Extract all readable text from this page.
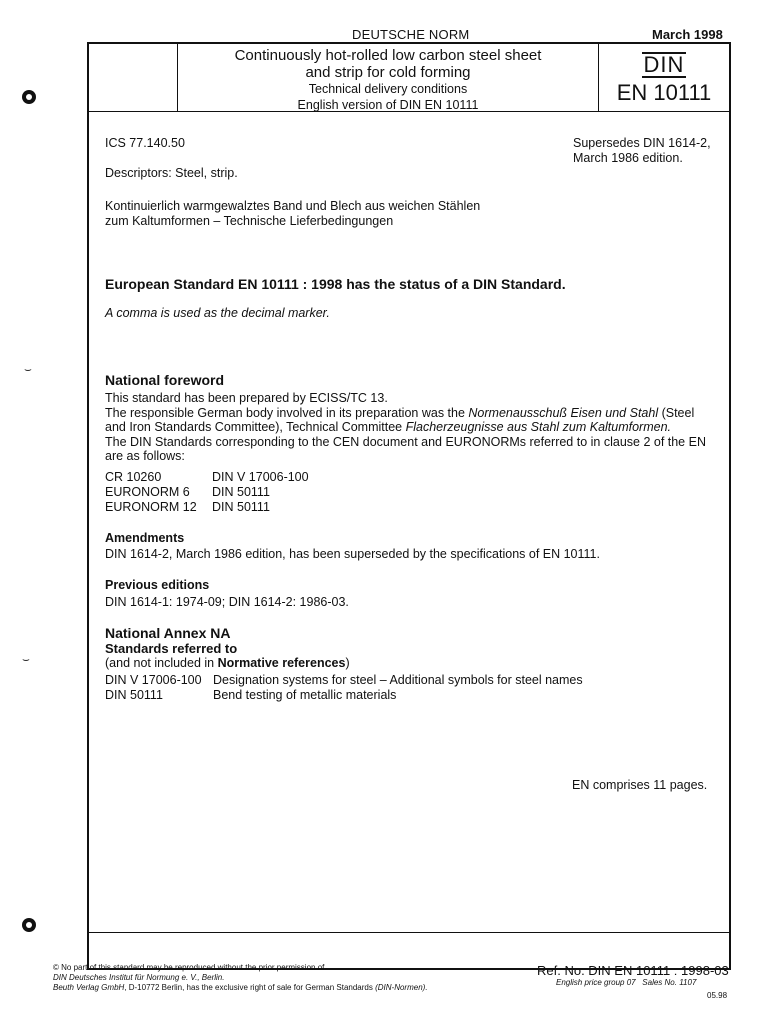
DEUTSCHE NORM	March 1998
Continuously hot-rolled low carbon steel sheet
and strip for cold forming
Technical delivery conditions
English version of DIN EN 10111
DIN
EN 10111
ICS 77.140.50	Supersedes DIN 1614-2,
March 1986 edition.
Descriptors: Steel, strip.
Kontinuierlich warmgewalztes Band und Blech aus weichen Stählen
zum Kaltumformen – Technische Lieferbedingungen
European Standard EN 10111 : 1998 has the status of a DIN Standard.
A comma is used as the decimal marker.
National foreword
This standard has been prepared by ECISS/TC 13.
The responsible German body involved in its preparation was the Normenausschuß Eisen und Stahl (Steel
and Iron Standards Committee), Technical Committee Flacherzeugnisse aus Stahl zum Kaltumformen.
The DIN Standards corresponding to the CEN document and EURONORMs referred to in clause 2 of the EN
are as follows:
CR 10260	DIN V 17006-100
EURONORM 6	DIN 50111
EURONORM 12	DIN 50111
Amendments
DIN 1614-2, March 1986 edition, has been superseded by the specifications of EN 10111.
Previous editions
DIN 1614-1: 1974-09; DIN 1614-2: 1986-03.
National Annex NA
Standards referred to
(and not included in Normative references)
DIN V 17006-100	Designation systems for steel – Additional symbols for steel names
DIN 50111	Bend testing of metallic materials
EN comprises 11 pages.
© No part of this standard may be reproduced without the prior permission of
DIN Deutsches Institut für Normung e. V., Berlin.
Beuth Verlag GmbH, D-10772 Berlin, has the exclusive right of sale for German Standards (DIN-Normen).
Ref. No. DIN EN 10111 : 1998-03
English price group 07 Sales No. 1107
05.98
⌣
⌣
